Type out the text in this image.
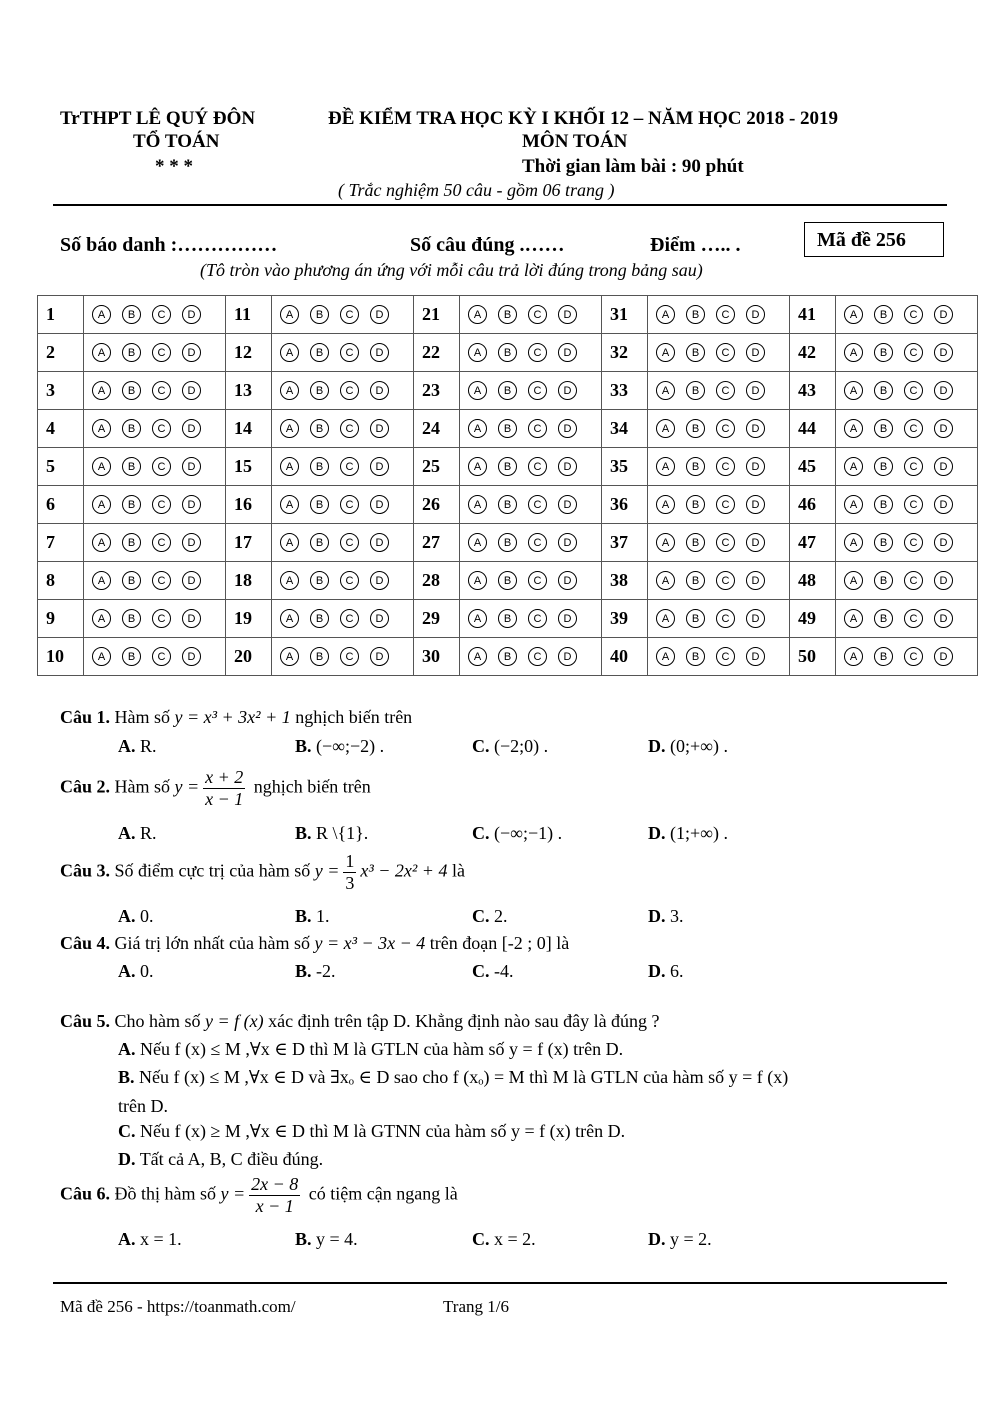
TrTHPT LÊ QUÝ ĐÔN
TỔ TOÁN
* * *
ĐỀ KIỂM TRA HỌC KỲ I KHỐI 12 – NĂM HỌC 2018 - 2019
MÔN TOÁN
Thời gian làm bài : 90 phút
( Trắc nghiệm 50 câu - gồm 06 trang )
Số báo danh :……………	Số câu đúng .……	Điểm ….. .	Mã đề 256
(Tô tròn vào phương án ứng với mỗi câu trả lời đúng trong bảng sau)
1	A B C D	11	A B C D	21	A B C D	31	A B C D	41	A B C D

2	A B C D	12	A B C D	22	A B C D	32	A B C D	42	A B C D

3	A B C D	13	A B C D	23	A B C D	33	A B C D	43	A B C D

4	A B C D	14	A B C D	24	A B C D	34	A B C D	44	A B C D

5	A B C D	15	A B C D	25	A B C D	35	A B C D	45	A B C D

6	A B C D	16	A B C D	26	A B C D	36	A B C D	46	A B C D

7	A B C D	17	A B C D	27	A B C D	37	A B C D	47	A B C D

8	A B C D	18	A B C D	28	A B C D	38	A B C D	48	A B C D

9	A B C D	19	A B C D	29	A B C D	39	A B C D	49	A B C D

10	A B C D	20	A B C D	30	A B C D	40	A B C D	50	A B C D
Câu 1. Hàm số y = x³ + 3x² + 1 nghịch biến trên
A. R.	B. (−∞;−2) .	C. (−2;0) .	D. (0;+∞) .
Câu 2. Hàm số $y = \frac{x + 2}{x - 1}$ nghịch biến trên
A. R.	B. R \{1}.	C. (−∞;−1) .	D. (1;+∞) .
Câu 3. Số điểm cực trị của hàm số $y = \frac{1}{3} x^3 - 2x^2 + 4$ là
A. 0.	B. 1.	C. 2.	D. 3.
Câu 4. Giá trị lớn nhất của hàm số y = x³ − 3x − 4 trên đoạn [-2 ; 0] là
A. 0.	B. -2.	C. -4.	D. 6.
Câu 5. Cho hàm số y = f (x) xác định trên tập D. Khẳng định nào sau đây là đúng ?
A. Nếu f (x) ≤ M ,∀x ∈ D thì M là GTLN của hàm số y = f (x) trên D.
B. Nếu f (x) ≤ M ,∀x ∈ D và ∃xₒ ∈ D sao cho f (xₒ) = M thì M là GTLN của hàm số y = f (x)
trên D.
C. Nếu f (x) ≥ M ,∀x ∈ D thì M là GTNN của hàm số y = f (x) trên D.
D. Tất cả A, B, C điều đúng.
Câu 6. Đồ thị hàm số $y = \frac{2x - 8}{x - 1}$ có tiệm cận ngang là
A. x = 1.	B. y = 4.	C. x = 2.	D. y = 2.
Mã đề 256 - https://toanmath.com/	Trang 1/6
